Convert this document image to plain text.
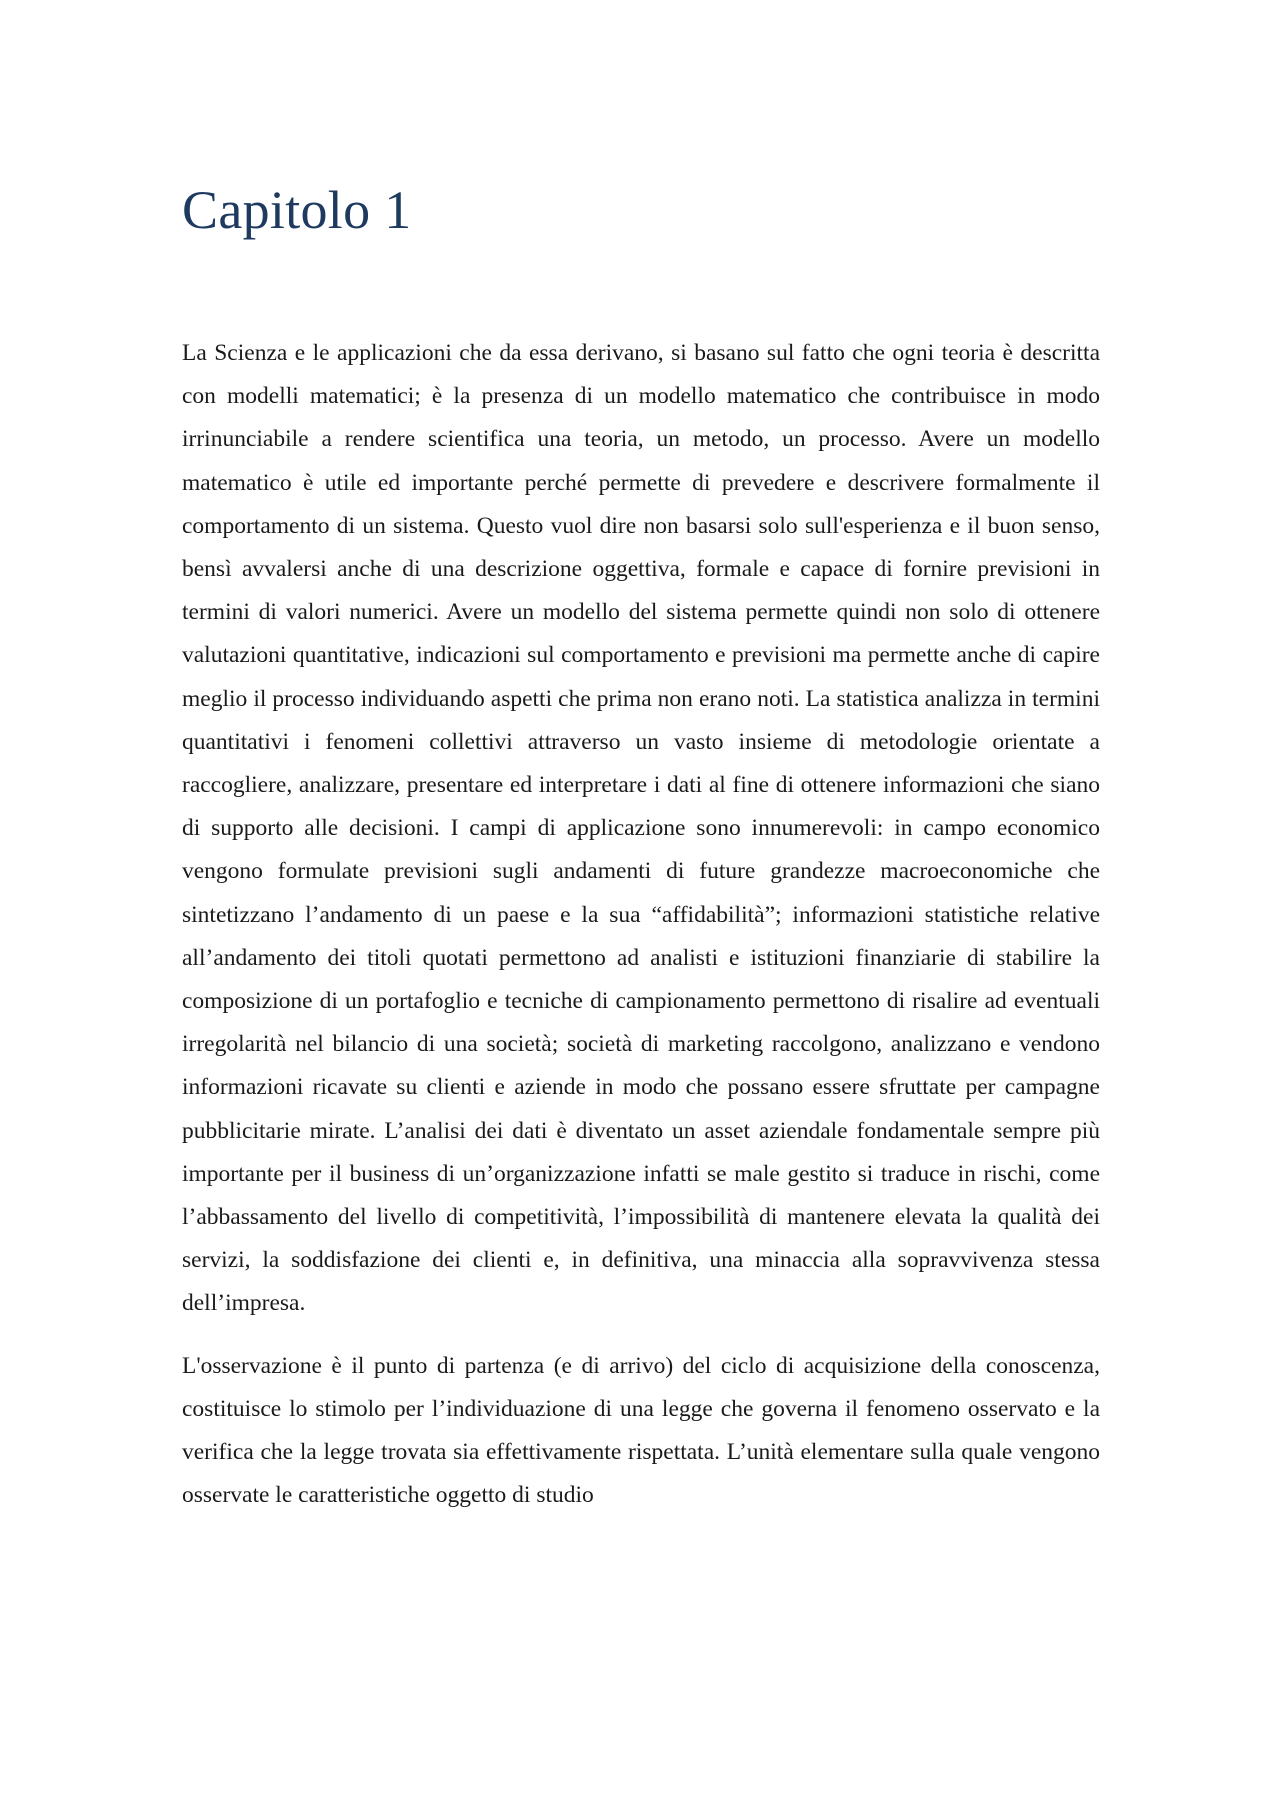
Capitolo 1

La Scienza e le applicazioni che da essa derivano, si basano sul fatto che ogni teoria è descritta con modelli matematici; è la presenza di un modello matematico che contribuisce in modo irrinunciabile a rendere scientifica una teoria, un metodo, un processo. Avere un modello matematico è utile ed importante perché permette di prevedere e descrivere formalmente il comportamento di un sistema. Questo vuol dire non basarsi solo sull'esperienza e il buon senso, bensì avvalersi anche di una descrizione oggettiva, formale e capace di fornire previsioni in termini di valori numerici. Avere un modello del sistema permette quindi non solo di ottenere valutazioni quantitative, indicazioni sul comportamento e previsioni ma permette anche di capire meglio il processo individuando aspetti che prima non erano noti. La statistica analizza in termini quantitativi i fenomeni collettivi attraverso un vasto insieme di metodologie orientate a raccogliere, analizzare, presentare ed interpretare i dati al fine di ottenere informazioni che siano di supporto alle decisioni. I campi di applicazione sono innumerevoli: in campo economico vengono formulate previsioni sugli andamenti di future grandezze macroeconomiche che sintetizzano l’andamento di un paese e la sua “affidabilità”; informazioni statistiche relative all’andamento dei titoli quotati permettono ad analisti e istituzioni finanziarie di stabilire la composizione di un portafoglio e tecniche di campionamento permettono di risalire ad eventuali irregolarità nel bilancio di una società; società di marketing raccolgono, analizzano e vendono informazioni ricavate su clienti e aziende in modo che possano essere sfruttate per campagne pubblicitarie mirate. L’analisi dei dati è diventato un asset aziendale fondamentale sempre più importante per il business di un’organizzazione infatti se male gestito si traduce in rischi, come l’abbassamento del livello di competitività, l’impossibilità di mantenere elevata la qualità dei servizi, la soddisfazione dei clienti e, in definitiva, una minaccia alla sopravvivenza stessa dell’impresa.

L'osservazione è il punto di partenza (e di arrivo) del ciclo di acquisizione della conoscenza, costituisce lo stimolo per l’individuazione di una legge che governa il fenomeno osservato e la verifica che la legge trovata sia effettivamente rispettata. L’unità elementare sulla quale vengono osservate le caratteristiche oggetto di studio
